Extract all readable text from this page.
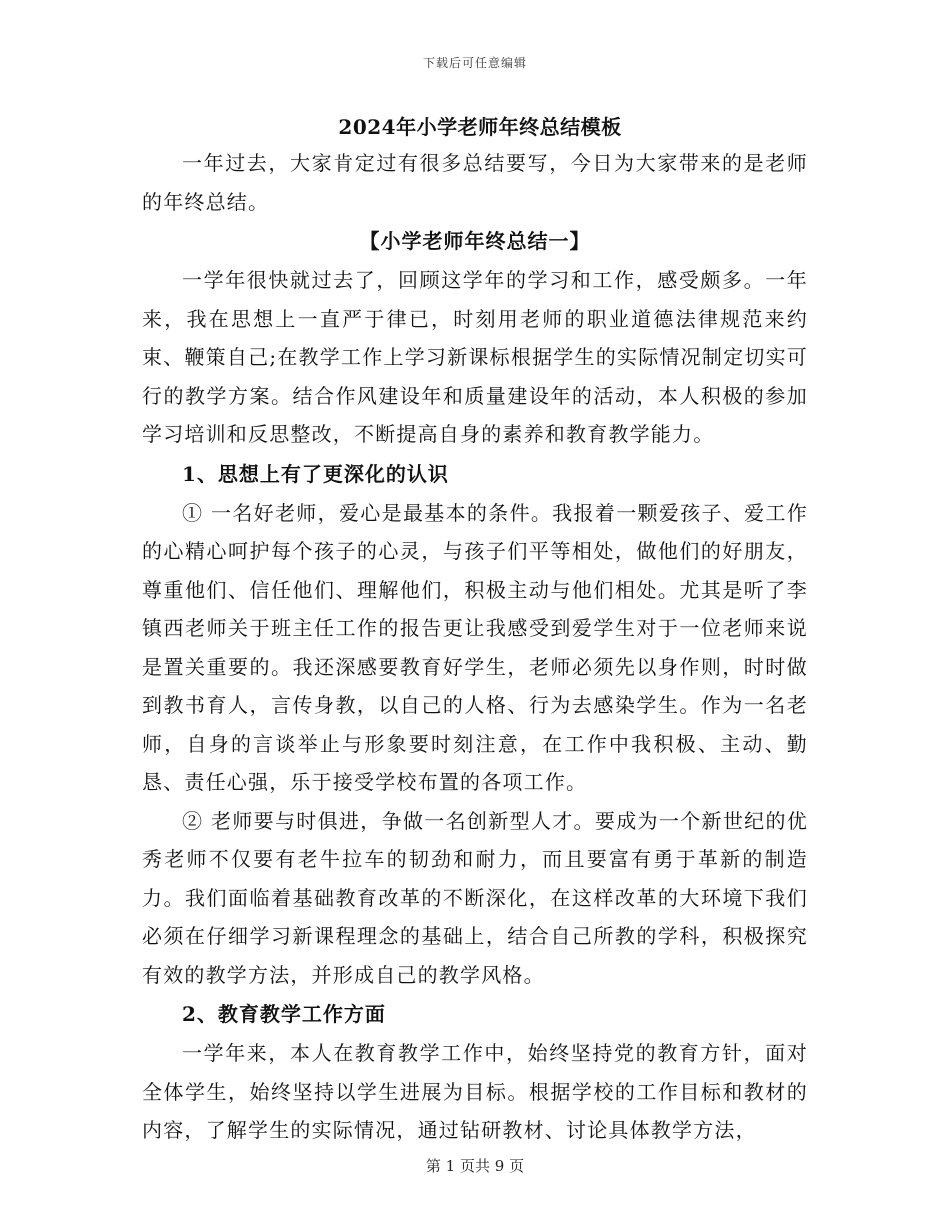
下载后可任意编辑
2024年小学老师年终总结模板

一年过去，大家肯定过有很多总结要写，今日为大家带来的是老师的年终总结。

【小学老师年终总结一】

一学年很快就过去了，回顾这学年的学习和工作，感受颇多。一年来，我在思想上一直严于律已，时刻用老师的职业道德法律规范来约束、鞭策自己;在教学工作上学习新课标根据学生的实际情况制定切实可行的教学方案。结合作风建设年和质量建设年的活动，本人积极的参加学习培训和反思整改，不断提高自身的素养和教育教学能力。

1、思想上有了更深化的认识

① 一名好老师，爱心是最基本的条件。我报着一颗爱孩子、爱工作的心精心呵护每个孩子的心灵，与孩子们平等相处，做他们的好朋友，尊重他们、信任他们、理解他们，积极主动与他们相处。尤其是听了李镇西老师关于班主任工作的报告更让我感受到爱学生对于一位老师来说是置关重要的。我还深感要教育好学生，老师必须先以身作则，时时做到教书育人，言传身教，以自己的人格、行为去感染学生。作为一名老师，自身的言谈举止与形象要时刻注意，在工作中我积极、主动、勤恳、责任心强，乐于接受学校布置的各项工作。

② 老师要与时俱进，争做一名创新型人才。要成为一个新世纪的优秀老师不仅要有老牛拉车的韧劲和耐力，而且要富有勇于革新的制造力。我们面临着基础教育改革的不断深化，在这样改革的大环境下我们必须在仔细学习新课程理念的基础上，结合自己所教的学科，积极探究有效的教学方法，并形成自己的教学风格。

2、教育教学工作方面

一学年来，本人在教育教学工作中，始终坚持党的教育方针，面对全体学生，始终坚持以学生进展为目标。根据学校的工作目标和教材的内容，了解学生的实际情况，通过钻研教材、讨论具体教学方法，

第 1 页共 9 页
